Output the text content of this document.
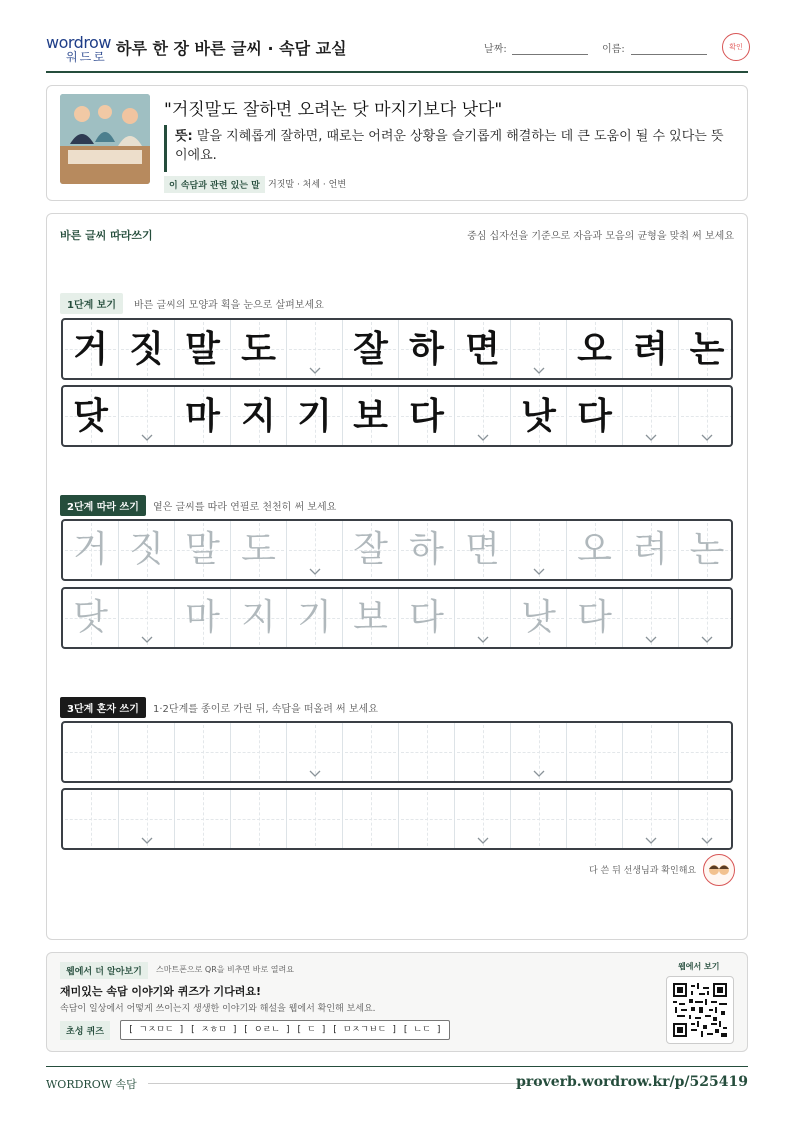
wordrow
워드로 하루 한 장 바른 글씨 · 속담 교실	날짜:	이름:	확인
"거짓말도 잘하면 오려논 닷 마지기보다 낫다"
뜻: 말을 지혜롭게 잘하면, 때로는 어려운 상황을 슬기롭게 해결하는 데 큰 도움이 될 수 있다는 뜻이에요.
이 속담과 관련 있는 말 거짓말 · 처세 · 언변
바른 글씨 따라쓰기	중심 십자선을 기준으로 자음과 모음의 균형을 맞춰 써 보세요
1단계 보기	바른 글씨의 모양과 획을 눈으로 살펴보세요
거 짓 말 도 잘 하 면 오 려 논
닷 마 지 기 보 다 낫 다
2단계 따라 쓰기	옅은 글씨를 따라 연필로 천천히 써 보세요
거 짓 말 도 잘 하 면 오 려 논
닷 마 지 기 보 다 낫 다
3단계 혼자 쓰기	1·2단계를 종이로 가린 뒤, 속담을 떠올려 써 보세요
다 쓴 뒤 선생님과 확인해요
웹에서 더 알아보기	스마트폰으로 QR을 비추면 바로 열려요
재미있는 속담 이야기와 퀴즈가 기다려요!
속담이 일상에서 어떻게 쓰이는지 생생한 이야기와 해설을 웹에서 확인해 보세요.
초성 퀴즈	[ ㄱㅈㅁㄷ ] [ ㅈㅎㅁ ] [ ㅇㄹㄴ ] [ ㄷ ] [ ㅁㅈㄱㅂㄷ ] [ ㄴㄷ ]
웹에서 보기
WORDROW 속담	proverb.wordrow.kr/p/525419
